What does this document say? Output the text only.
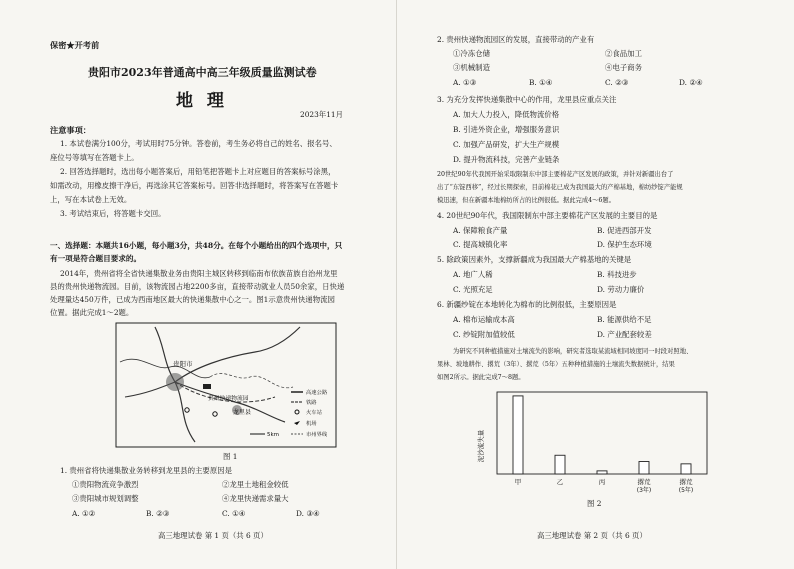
保密★开考前
贵阳市2023年普通高中高三年级质量监测试卷
地 理
2023年11月
注意事项：
1. 本试卷满分100分，考试用时75分钟。答卷前，考生务必将自己的姓名、报名号、
座位号等填写在答题卡上。
2. 回答选择题时，选出每小题答案后，用铅笔把答题卡上对应题目的答案标号涂黑，
如需改动，用橡皮擦干净后，再选涂其它答案标号。回答非选择题时，将答案写在答题卡
上，写在本试卷上无效。
3. 考试结束后，将答题卡交回。
一、选择题：本题共16小题，每小题3分，共48分。在每个小题给出的四个选项中，只
有一项是符合题目要求的。
2014年，贵州省将全省快递集散业务由贵阳主城区转移到临南布依族苗族自治州龙里
县的贵州快递物流园。目前，该物流园占地2200多亩，直接带动就业人员50余家，日快递
处理量达450万件，已成为西南地区最大的快递集散中心之一。图1示意贵州快递物流园
位置。据此完成1～2题。
贵阳市
贵州快递物流园
龙里县
5km
高速公路
铁路
火车站
机场
市州界线
图 1
1. 贵州省将快递集散业务转移到龙里县的主要原因是
①贵阳物流竞争激烈	②龙里土地租金较低
③贵阳城市规划调整	④龙里快递需求量大
A. ①②	B. ②③	C. ①④	D. ③④
高三地理试卷 第 1 页（共 6 页）
2. 贵州快递物流园区的发展，直接带动的产业有
①冷冻仓储	②食品加工
③机械制造	④电子商务
A. ①③	B. ①④	C. ②③	D. ②④
3. 为充分发挥快递集散中心的作用，龙里县应重点关注
A. 加大人力投入，降低物流价格
B. 引进外资企业，增强服务意识
C. 加强产品研发，扩大生产规模
D. 提升物流科技，完善产业链条
20世纪90年代我国开始采取限制东中部主要棉花产区发展的政策，并针对新疆出台了
出了“东锭西移”，经过长期探索，目前棉花已成为我国最大的产棉基地，棉纺纱锭产能规
模迅速，但在新疆本地棉纺所占的比例很低。据此完成4～6题。
4. 20世纪90年代，我国限制东中部主要棉花产区发展的主要目的是
A. 保障粮食产量	B. 促进西部开发
C. 提高城镇化率	D. 保护生态环境
5. 除政策因素外，支撑新疆成为我国最大产棉基地的关键是
A. 地广人稀	B. 科技进步
C. 光照充足	D. 劳动力廉价
6. 新疆纱锭在本地转化为棉布的比例很低，主要原因是
A. 棉布运输成本高	B. 能源供给不足
C. 纱锭附加值较低	D. 产业配套较差
为研究不同种植措施对土壤流失的影响，研究者选取某流域相同坡度同一时段对照地、
果林、坡地耕作、撂荒（3年）、撂荒（5年）五种种植措施的土壤流失数据统计，结果
如图2所示。据此完成7～8题。
泥沙流失量
甲	乙	丙	撂荒
(3年)
撂荒
(5年)
图 2
高三地理试卷 第 2 页（共 6 页）
